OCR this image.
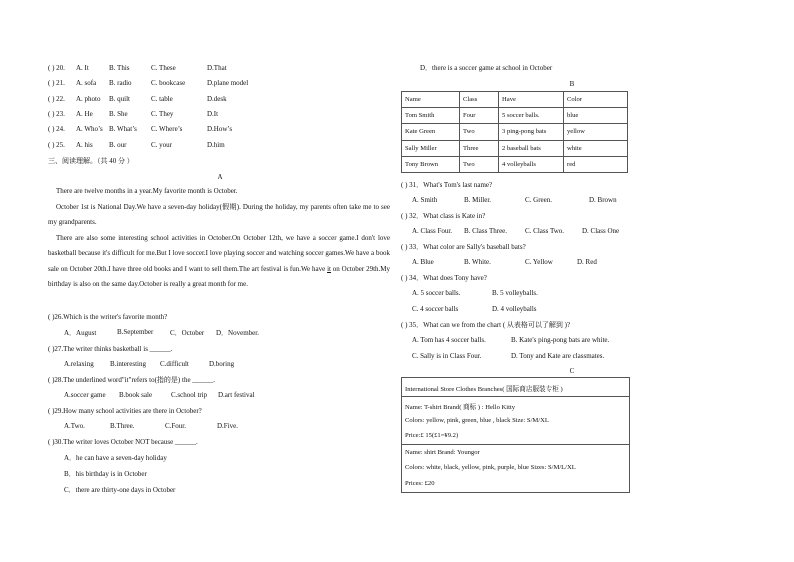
( ) 20. A. It	B. This	C. These	D.That
( ) 21. A. sofa B. radio	C. bookcase	D.plane model
( ) 22. A. photo B. quilt	C. table	D.desk
( ) 23. A. He B. She	C. They	D.It
( ) 24. A. Who’s B. What’s C. Where’s	D.How’s
( ) 25. A. his B. our	C. your	D.him
三、阅读理解。（共 40 分 ）
A
There are twelve months in a year.My favorite month is October.
October 1st is National Day.We have a seven-day holiday(假期). During the holiday, my parents often take me to see my grandparents.
There are also some interesting school activities in October.On October 12th, we have a soccer game.I don't love basketball because it's difficult for me.But I love soccer.I love playing soccer and watching soccer games.We have a book sale on October 20th.I have three old books and I want to sell them.The art festival is fun.We have it on October 29th.My birthday is also on the same day.October is really a great month for me.
( )26.Which is the writer's favorite month?
A．August	B.September C．October D．November.
( )27.The writer thinks basketball is ______.
A.relaxing B.interesting C.difficult	D.boring
( )28.The underlined word"it"refers to(指的是) the ______.
A.soccer game B.book sale	C.school trip D.art festival
( )29.How many school activities are there in October?
A.Two.	B.Three.	C.Four.	D.Five.
( )30.The writer loves October NOT because ______.
A．he can have a seven-day holiday
B．his birthday is in October
C．there are thirty-one days in October
D．there is a soccer game at school in October
B
Name	Class	Have	Color
Tom Smith	Four	5 soccer balls.	blue
Kate Green	Two	3 ping-pong bats	yellow
Sally Miller	Three	2 baseball bats	white
Tony Brown	Two	4 volleyballs	red
( ) 31．What's Tom's last name?
A. Smith	B. Miller.	C. Green.	D. Brown
( ) 32．What class is Kate in?
A. Class Four. B. Class Three.	C. Class Two.	D. Class One
( ) 33．What color are Sally's baseball bats?
A. Blue	B. White.	C. Yellow	D. Red
( ) 34．What does Tony have?
A. 5 soccer balls.	B. 5 volleyballs.
C. 4 soccer balls	D. 4 volleyballs
( ) 35．What can we from the chart ( 从表格可以了解到 )?
A. Tom has 4 soccer balls.	B. Kate's ping-pong bats are white.
C. Sally is in Class Four.	D. Tony and Kate are classmates.
C
International Store Clothes Branches( 国际商店服装专柜 )
Name: T-shirt Brand( 商标 ) : Hello Kitty
Colors: yellow, pink, green, blue , black Size: S/M/XL
Price:£ 15(£1=¥9.2)
Name: shirt Brand: Youngor
Colors: white, black, yellow, pink, purple, blue Sizes: S/M/L/XL
Prices: £20
